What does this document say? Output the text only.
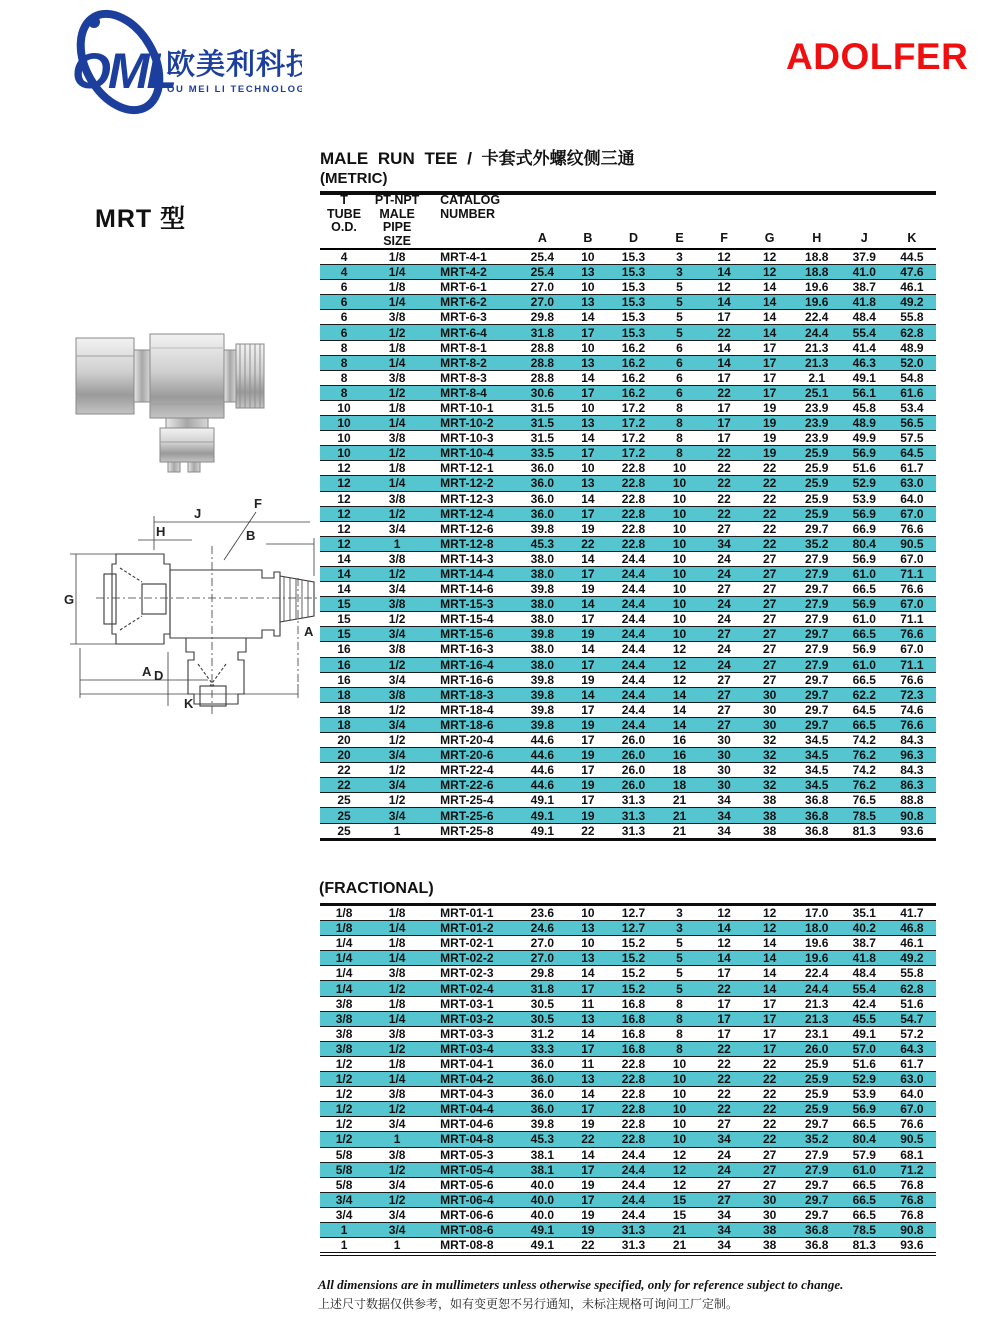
OML
欧美利科技
OU MEI LI TECHNOLOGY
ADOLFER
MRT 型
J
F
H	B
G
D
A
A
K
MALE RUN TEE / 卡套式外螺纹侧三通
(METRIC)
T
TUBE
O.D.

PT-NPT
MALE
PIPE
SIZE

CATALOG
NUMBER
	A	B	D	E	F	G	H	J	K
4	1/8	MRT-4-1	25.4	10	15.3	3	12	12	18.8	37.9	44.5
4	1/4	MRT-4-2	25.4	13	15.3	3	14	12	18.8	41.0	47.6
6	1/8	MRT-6-1	27.0	10	15.3	5	12	14	19.6	38.7	46.1
6	1/4	MRT-6-2	27.0	13	15.3	5	14	14	19.6	41.8	49.2
6	3/8	MRT-6-3	29.8	14	15.3	5	17	14	22.4	48.4	55.8
6	1/2	MRT-6-4	31.8	17	15.3	5	22	14	24.4	55.4	62.8
8	1/8	MRT-8-1	28.8	10	16.2	6	14	17	21.3	41.4	48.9
8	1/4	MRT-8-2	28.8	13	16.2	6	14	17	21.3	46.3	52.0
8	3/8	MRT-8-3	28.8	14	16.2	6	17	17	2.1	49.1	54.8
8	1/2	MRT-8-4	30.6	17	16.2	6	22	17	25.1	56.1	61.6
10	1/8	MRT-10-1	31.5	10	17.2	8	17	19	23.9	45.8	53.4
10	1/4	MRT-10-2	31.5	13	17.2	8	17	19	23.9	48.9	56.5
10	3/8	MRT-10-3	31.5	14	17.2	8	17	19	23.9	49.9	57.5
10	1/2	MRT-10-4	33.5	17	17.2	8	22	19	25.9	56.9	64.5
12	1/8	MRT-12-1	36.0	10	22.8	10	22	22	25.9	51.6	61.7
12	1/4	MRT-12-2	36.0	13	22.8	10	22	22	25.9	52.9	63.0
12	3/8	MRT-12-3	36.0	14	22.8	10	22	22	25.9	53.9	64.0
12	1/2	MRT-12-4	36.0	17	22.8	10	22	22	25.9	56.9	67.0
12	3/4	MRT-12-6	39.8	19	22.8	10	27	22	29.7	66.9	76.6
12	1	MRT-12-8	45.3	22	22.8	10	34	22	35.2	80.4	90.5
14	3/8	MRT-14-3	38.0	14	24.4	10	24	27	27.9	56.9	67.0
14	1/2	MRT-14-4	38.0	17	24.4	10	24	27	27.9	61.0	71.1
14	3/4	MRT-14-6	39.8	19	24.4	10	27	27	29.7	66.5	76.6
15	3/8	MRT-15-3	38.0	14	24.4	10	24	27	27.9	56.9	67.0
15	1/2	MRT-15-4	38.0	17	24.4	10	24	27	27.9	61.0	71.1
15	3/4	MRT-15-6	39.8	19	24.4	10	27	27	29.7	66.5	76.6
16	3/8	MRT-16-3	38.0	14	24.4	12	24	27	27.9	56.9	67.0
16	1/2	MRT-16-4	38.0	17	24.4	12	24	27	27.9	61.0	71.1
16	3/4	MRT-16-6	39.8	19	24.4	12	27	27	29.7	66.5	76.6
18	3/8	MRT-18-3	39.8	14	24.4	14	27	30	29.7	62.2	72.3
18	1/2	MRT-18-4	39.8	17	24.4	14	27	30	29.7	64.5	74.6
18	3/4	MRT-18-6	39.8	19	24.4	14	27	30	29.7	66.5	76.6
20	1/2	MRT-20-4	44.6	17	26.0	16	30	32	34.5	74.2	84.3
20	3/4	MRT-20-6	44.6	19	26.0	16	30	32	34.5	76.2	96.3
22	1/2	MRT-22-4	44.6	17	26.0	18	30	32	34.5	74.2	84.3
22	3/4	MRT-22-6	44.6	19	26.0	18	30	32	34.5	76.2	86.3
25	1/2	MRT-25-4	49.1	17	31.3	21	34	38	36.8	76.5	88.8
25	3/4	MRT-25-6	49.1	19	31.3	21	34	38	36.8	78.5	90.8
25	1	MRT-25-8	49.1	22	31.3	21	34	38	36.8	81.3	93.6
(FRACTIONAL)
1/8	1/8	MRT-01-1	23.6	10	12.7	3	12	12	17.0	35.1	41.7
1/8	1/4	MRT-01-2	24.6	13	12.7	3	14	12	18.0	40.2	46.8
1/4	1/8	MRT-02-1	27.0	10	15.2	5	12	14	19.6	38.7	46.1
1/4	1/4	MRT-02-2	27.0	13	15.2	5	14	14	19.6	41.8	49.2
1/4	3/8	MRT-02-3	29.8	14	15.2	5	17	14	22.4	48.4	55.8
1/4	1/2	MRT-02-4	31.8	17	15.2	5	22	14	24.4	55.4	62.8
3/8	1/8	MRT-03-1	30.5	11	16.8	8	17	17	21.3	42.4	51.6
3/8	1/4	MRT-03-2	30.5	13	16.8	8	17	17	21.3	45.5	54.7
3/8	3/8	MRT-03-3	31.2	14	16.8	8	17	17	23.1	49.1	57.2
3/8	1/2	MRT-03-4	33.3	17	16.8	8	22	17	26.0	57.0	64.3
1/2	1/8	MRT-04-1	36.0	11	22.8	10	22	22	25.9	51.6	61.7
1/2	1/4	MRT-04-2	36.0	13	22.8	10	22	22	25.9	52.9	63.0
1/2	3/8	MRT-04-3	36.0	14	22.8	10	22	22	25.9	53.9	64.0
1/2	1/2	MRT-04-4	36.0	17	22.8	10	22	22	25.9	56.9	67.0
1/2	3/4	MRT-04-6	39.8	19	22.8	10	27	22	29.7	66.5	76.6
1/2	1	MRT-04-8	45.3	22	22.8	10	34	22	35.2	80.4	90.5
5/8	3/8	MRT-05-3	38.1	14	24.4	12	24	27	27.9	57.9	68.1
5/8	1/2	MRT-05-4	38.1	17	24.4	12	24	27	27.9	61.0	71.2
5/8	3/4	MRT-05-6	40.0	19	24.4	12	27	27	29.7	66.5	76.8
3/4	1/2	MRT-06-4	40.0	17	24.4	15	27	30	29.7	66.5	76.8
3/4	3/4	MRT-06-6	40.0	19	24.4	15	34	30	29.7	66.5	76.8
1	3/4	MRT-08-6	49.1	19	31.3	21	34	38	36.8	78.5	90.8
1	1	MRT-08-8	49.1	22	31.3	21	34	38	36.8	81.3	93.6
All dimensions are in mullimeters unless otherwise specified, only for reference subject to change.
上述尺寸数据仅供参考，如有变更恕不另行通知，未标注规格可询问工厂定制。
